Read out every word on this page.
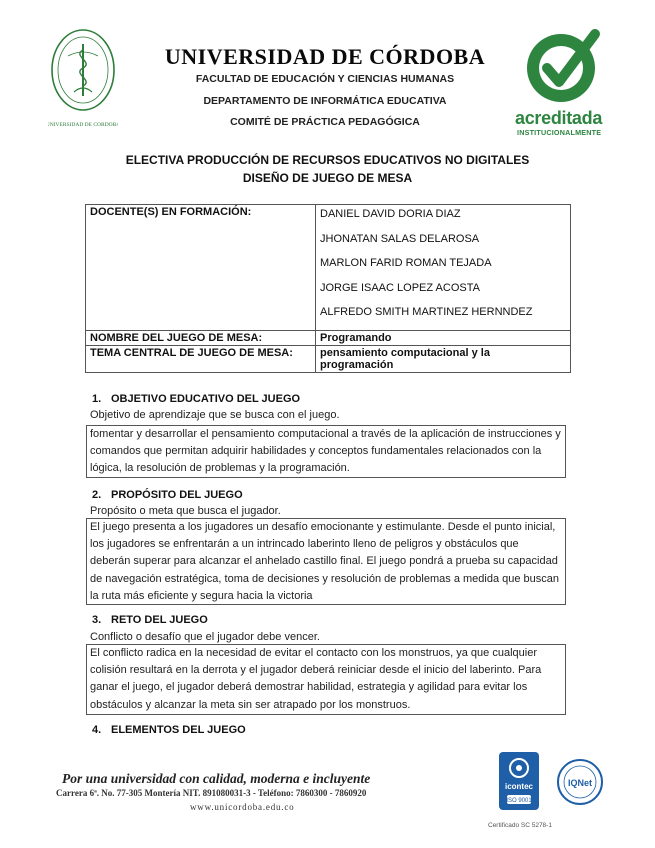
UNIVERSIDAD DE CORDOBA
UNIVERSIDAD DE CÓRDOBA
FACULTAD DE EDUCACIÓN Y CIENCIAS HUMANAS
DEPARTAMENTO DE INFORMÁTICA EDUCATIVA
COMITÉ DE PRÁCTICA PEDAGÓGICA	acreditada
INSTITUCIONALMENTE
ELECTIVA PRODUCCIÓN DE RECURSOS EDUCATIVOS NO DIGITALES
DISEÑO DE JUEGO DE MESA
DOCENTE(S) EN FORMACIÓN:	DANIEL DAVID DORIA DIAZ
JHONATAN SALAS DELAROSA
MARLON FARID ROMAN TEJADA
JORGE ISAAC LOPEZ ACOSTA
ALFREDO SMITH MARTINEZ HERNNDEZ

NOMBRE DEL JUEGO DE MESA:	Programando
TEMA CENTRAL DE JUEGO DE MESA:	pensamiento computacional y la programación
1. OBJETIVO EDUCATIVO DEL JUEGO
Objetivo de aprendizaje que se busca con el juego.
fomentar y desarrollar el pensamiento computacional a través de la aplicación de instrucciones y comandos que permitan adquirir habilidades y conceptos fundamentales relacionados con la lógica, la resolución de problemas y la programación.
2. PROPÓSITO DEL JUEGO
Propósito o meta que busca el jugador.
El juego presenta a los jugadores un desafío emocionante y estimulante. Desde el punto inicial, los jugadores se enfrentarán a un intrincado laberinto lleno de peligros y obstáculos que deberán superar para alcanzar el anhelado castillo final. El juego pondrá a prueba su capacidad de navegación estratégica, toma de decisiones y resolución de problemas a medida que buscan la ruta más eficiente y segura hacia la victoria
3. RETO DEL JUEGO
Conflicto o desafío que el jugador debe vencer.
El conflicto radica en la necesidad de evitar el contacto con los monstruos, ya que cualquier colisión resultará en la derrota y el jugador deberá reiniciar desde el inicio del laberinto. Para ganar el juego, el jugador deberá demostrar habilidad, estrategia y agilidad para evitar los obstáculos y alcanzar la meta sin ser atrapado por los monstruos.
4. ELEMENTOS DEL JUEGO
Por una universidad con calidad, moderna e incluyente
Carrera 6ª. No. 77-305 Montería NIT. 891080031-3 - Teléfono: 7860300 - 7860920
www.unicordoba.edu.co
icontec
ISO 9001
IQNet
Certificado SC 5278-1
